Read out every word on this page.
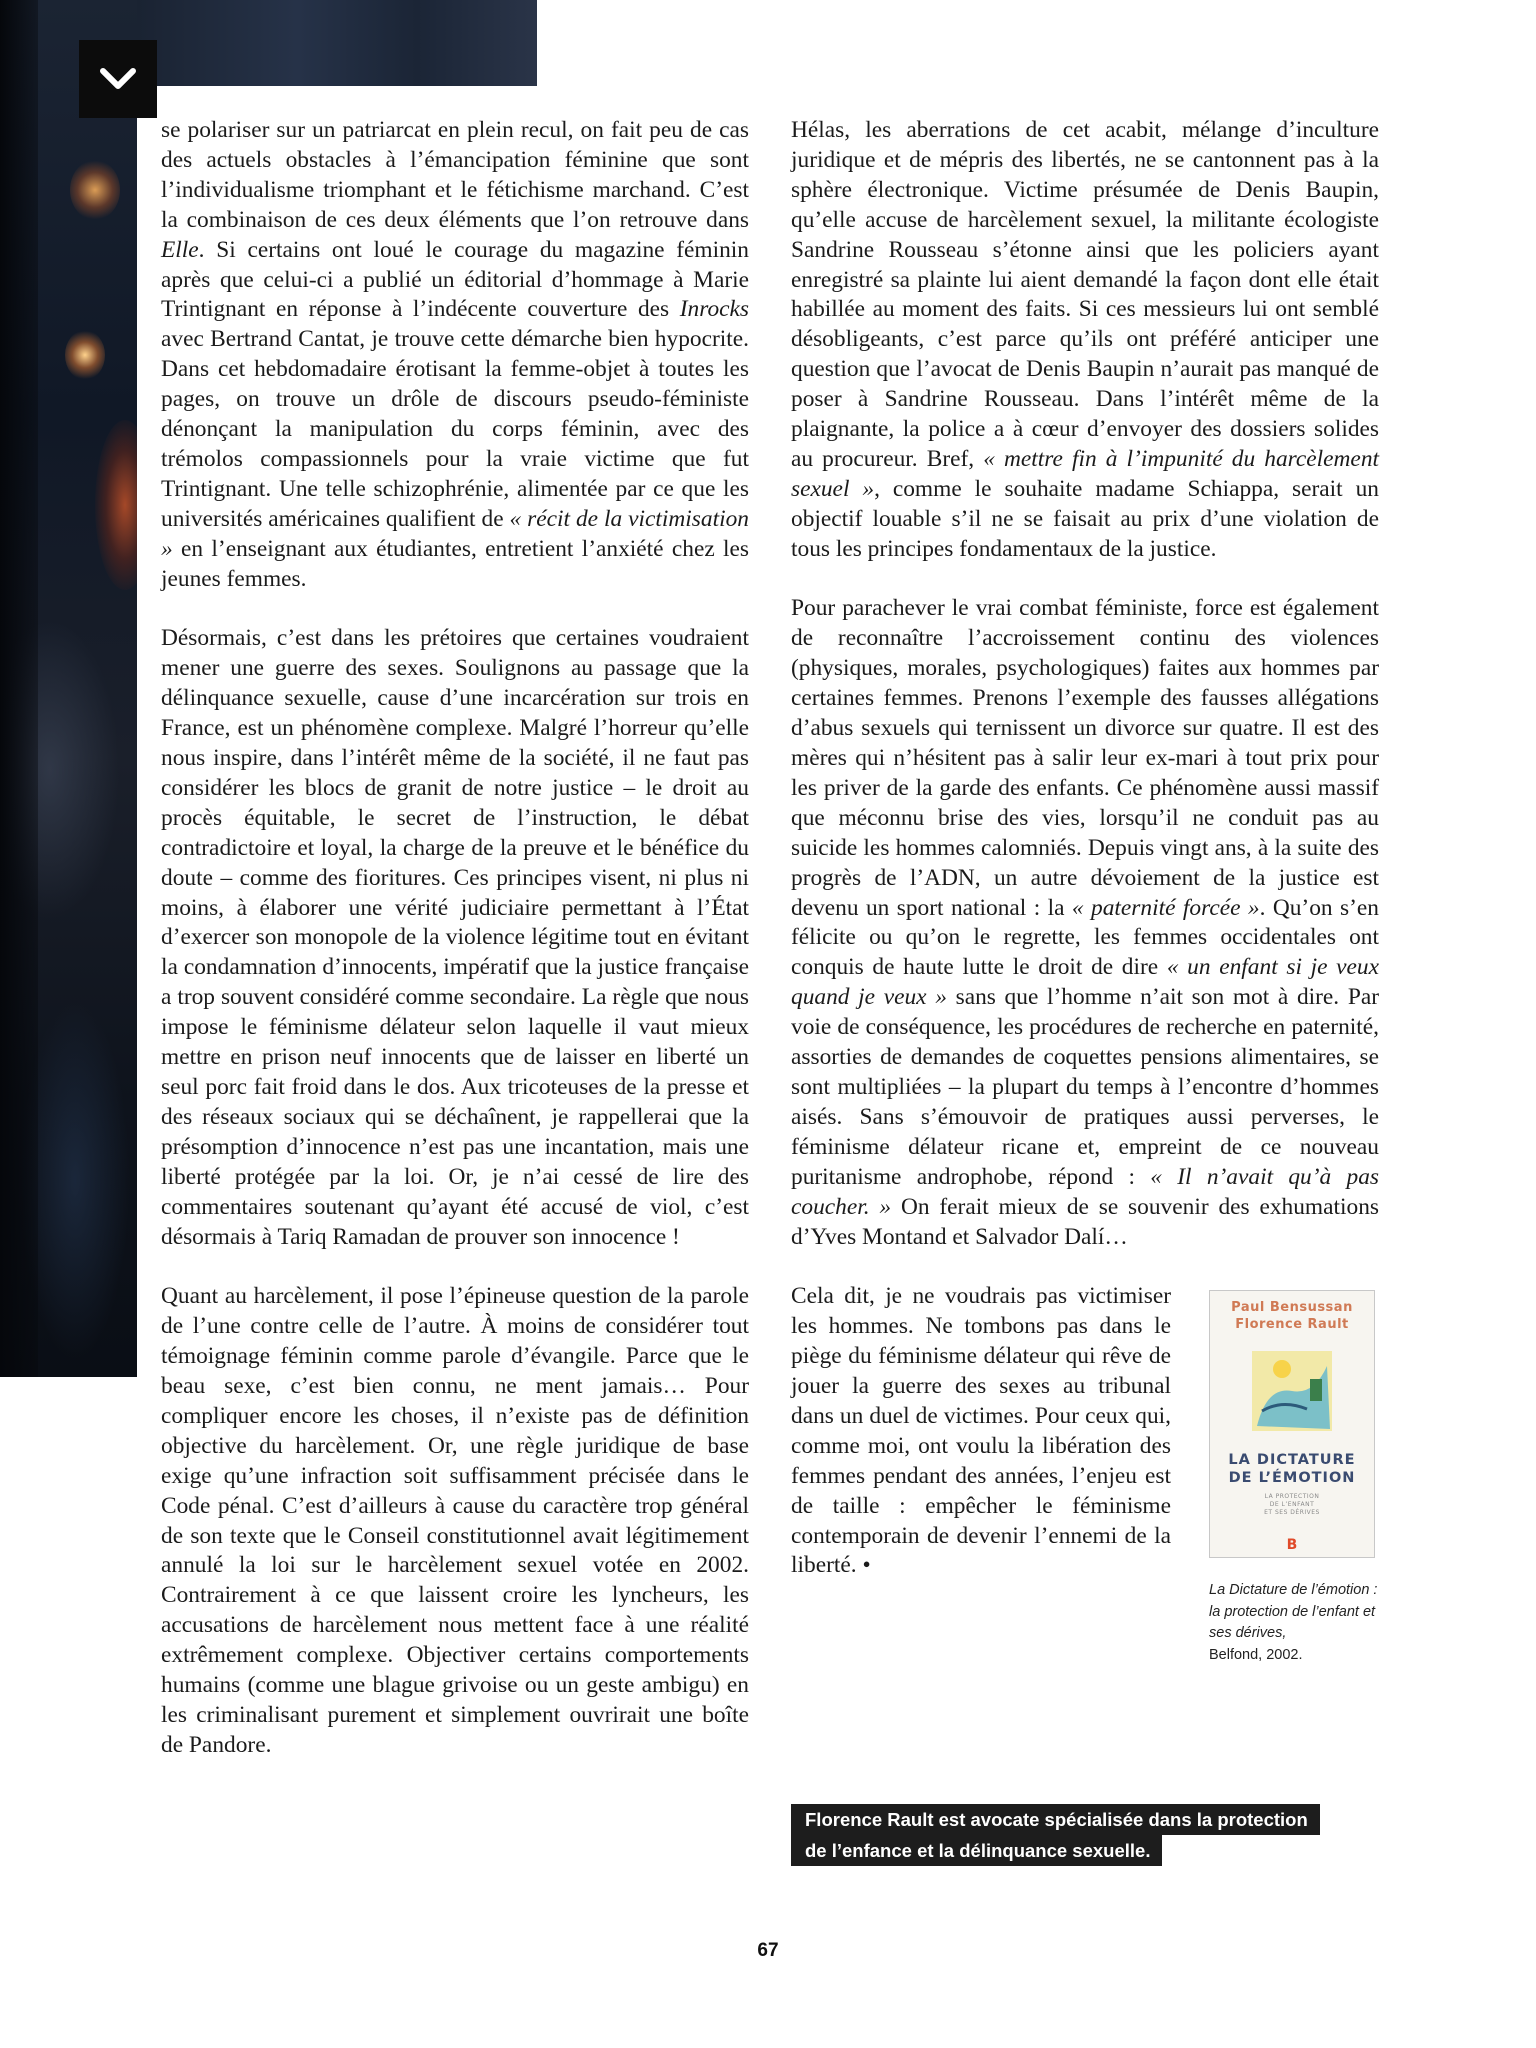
se polariser sur un patriarcat en plein recul, on fait peu de cas des actuels obstacles à l’émancipation féminine que sont l’individualisme triomphant et le fétichisme marchand. C’est la combinaison de ces deux éléments que l’on retrouve dans Elle. Si certains ont loué le courage du magazine féminin après que celui-ci a publié un éditorial d’hommage à Marie Trintignant en réponse à l’indécente couverture des Inrocks avec Bertrand Cantat, je trouve cette démarche bien hypocrite. Dans cet hebdomadaire érotisant la femme-objet à toutes les pages, on trouve un drôle de discours pseudo-féministe dénonçant la manipulation du corps féminin, avec des trémolos compassionnels pour la vraie victime que fut Trintignant. Une telle schizophrénie, alimentée par ce que les universités américaines qualifient de « récit de la victimisation » en l’enseignant aux étudiantes, entretient l’anxiété chez les jeunes femmes.

Désormais, c’est dans les prétoires que certaines voudraient mener une guerre des sexes. Soulignons au passage que la délinquance sexuelle, cause d’une incarcération sur trois en France, est un phénomène complexe. Malgré l’horreur qu’elle nous inspire, dans l’intérêt même de la société, il ne faut pas considérer les blocs de granit de notre justice – le droit au procès équitable, le secret de l’instruction, le débat contradictoire et loyal, la charge de la preuve et le bénéfice du doute – comme des fioritures. Ces principes visent, ni plus ni moins, à élaborer une vérité judiciaire permettant à l’État d’exercer son monopole de la violence légitime tout en évitant la condamnation d’innocents, impératif que la justice française a trop souvent considéré comme secondaire. La règle que nous impose le féminisme délateur selon laquelle il vaut mieux mettre en prison neuf innocents que de laisser en liberté un seul porc fait froid dans le dos. Aux tricoteuses de la presse et des réseaux sociaux qui se déchaînent, je rappellerai que la présomption d’innocence n’est pas une incantation, mais une liberté protégée par la loi. Or, je n’ai cessé de lire des commentaires soutenant qu’ayant été accusé de viol, c’est désormais à Tariq Ramadan de prouver son innocence !

Quant au harcèlement, il pose l’épineuse question de la parole de l’une contre celle de l’autre. À moins de considérer tout témoignage féminin comme parole d’évangile. Parce que le beau sexe, c’est bien connu, ne ment jamais… Pour compliquer encore les choses, il n’existe pas de définition objective du harcèlement. Or, une règle juridique de base exige qu’une infraction soit suffisamment précisée dans le Code pénal. C’est d’ailleurs à cause du caractère trop général de son texte que le Conseil constitutionnel avait légitimement annulé la loi sur le harcèlement sexuel votée en 2002. Contrairement à ce que laissent croire les lyncheurs, les accusations de harcèlement nous mettent face à une réalité extrêmement complexe. Objectiver certains comportements humains (comme une blague grivoise ou un geste ambigu) en les criminalisant purement et simplement ouvrirait une boîte de Pandore.

Hélas, les aberrations de cet acabit, mélange d’inculture juridique et de mépris des libertés, ne se cantonnent pas à la sphère électronique. Victime présumée de Denis Baupin, qu’elle accuse de harcèlement sexuel, la militante écologiste Sandrine Rousseau s’étonne ainsi que les policiers ayant enregistré sa plainte lui aient demandé la façon dont elle était habillée au moment des faits. Si ces messieurs lui ont semblé désobligeants, c’est parce qu’ils ont préféré anticiper une question que l’avocat de Denis Baupin n’aurait pas manqué de poser à Sandrine Rousseau. Dans l’intérêt même de la plaignante, la police a à cœur d’envoyer des dossiers solides au procureur. Bref, « mettre fin à l’impunité du harcèlement sexuel », comme le souhaite madame Schiappa, serait un objectif louable s’il ne se faisait au prix d’une violation de tous les principes fondamentaux de la justice.

Pour parachever le vrai combat féministe, force est également de reconnaître l’accroissement continu des violences (physiques, morales, psychologiques) faites aux hommes par certaines femmes. Prenons l’exemple des fausses allégations d’abus sexuels qui ternissent un divorce sur quatre. Il est des mères qui n’hésitent pas à salir leur ex-mari à tout prix pour les priver de la garde des enfants. Ce phénomène aussi massif que méconnu brise des vies, lorsqu’il ne conduit pas au suicide les hommes calomniés. Depuis vingt ans, à la suite des progrès de l’ADN, un autre dévoiement de la justice est devenu un sport national : la « paternité forcée ». Qu’on s’en félicite ou qu’on le regrette, les femmes occidentales ont conquis de haute lutte le droit de dire « un enfant si je veux quand je veux » sans que l’homme n’ait son mot à dire. Par voie de conséquence, les procédures de recherche en paternité, assorties de demandes de coquettes pensions alimentaires, se sont multipliées – la plupart du temps à l’encontre d’hommes aisés. Sans s’émouvoir de pratiques aussi perverses, le féminisme délateur ricane et, empreint de ce nouveau puritanisme androphobe, répond : « Il n’avait qu’à pas coucher. » On ferait mieux de se souvenir des exhumations d’Yves Montand et Salvador Dalí…

Paul Bensussan
Florence Rault
LA DICTATURE
DE L’ÉMOTION
LA PROTECTION
DE L’ENFANT
ET SES DÉRIVES
B
La Dictature de l’émotion : la protection de l’enfant et ses dérives,
Belfond, 2002.

Cela dit, je ne voudrais pas victimiser les hommes. Ne tombons pas dans le piège du féminisme délateur qui rêve de jouer la guerre des sexes au tribunal dans un duel de victimes. Pour ceux qui, comme moi, ont voulu la libération des femmes pendant des années, l’enjeu est de taille : empêcher le féminisme contemporain de devenir l’ennemi de la liberté. •

Florence Rault est avocate spécialisée dans la protection
de l’enfance et la délinquance sexuelle.
67
